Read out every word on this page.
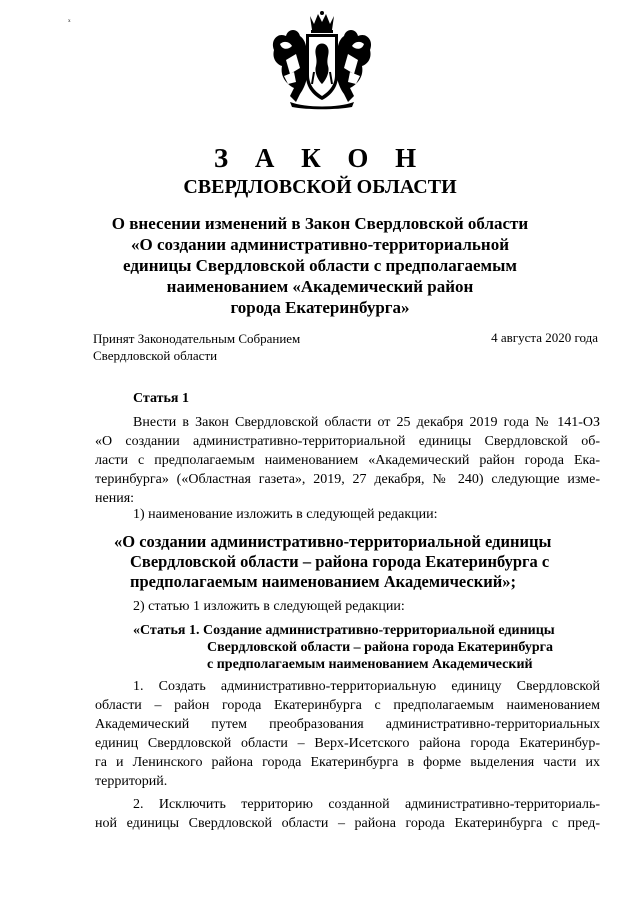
ₓ
З А К О Н
СВЕРДЛОВСКОЙ ОБЛАСТИ
О внесении изменений в Закон Свердловской области
«О создании административно-территориальной
единицы Свердловской области с предполагаемым
наименованием «Академический район
города Екатеринбурга»
Принят Законодательным Собранием
Свердловской области
4 августа 2020 года
Статья 1
Внести в Закон Свердловской области от 25 декабря 2019 года № 141-ОЗ
«О создании административно-территориальной единицы Свердловской об-
ласти с предполагаемым наименованием «Академический район города Ека-
теринбурга» («Областная газета», 2019, 27 декабря, № 240) следующие изме-
нения:
1) наименование изложить в следующей редакции:
«О создании административно-территориальной единицы
Свердловской области – района города Екатеринбурга с
предполагаемым наименованием Академический»;
2) статью 1 изложить в следующей редакции:
«Статья 1. Создание административно-территориальной единицы
Свердловской области – района города Екатеринбурга
с предполагаемым наименованием Академический
1. Создать административно-территориальную единицу Свердловской
области – район города Екатеринбурга с предполагаемым наименованием
Академический путем преобразования административно-территориальных
единиц Свердловской области – Верх-Исетского района города Екатеринбур-
га и Ленинского района города Екатеринбурга в форме выделения части их
территорий.
2. Исключить территорию созданной административно-территориаль-
ной единицы Свердловской области – района города Екатеринбурга с пред-
